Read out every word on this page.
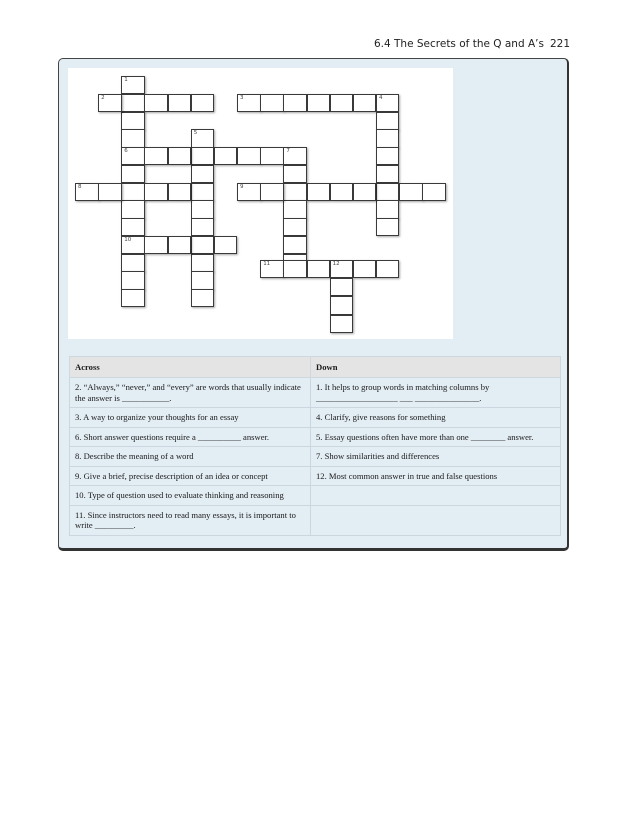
6.4 The Secrets of the Q and A’s 221
1
6
10
2	3	4
5
7
8	9
11	12
Across	Down
2. “Always,” “never,” and “every” are words that usually indicate the answer is ___________.	1. It helps to group words in matching columns by ___________________ ___ _______________.
3. A way to organize your thoughts for an essay	4. Clarify, give reasons for something
6. Short answer questions require a __________ answer.	5. Essay questions often have more than one ________ answer.
8. Describe the meaning of a word	7. Show similarities and differences
9. Give a brief, precise description of an idea or concept	12. Most common answer in true and false questions
10. Type of question used to evaluate thinking and reasoning	
11. Since instructors need to read many essays, it is important to write _________.	
